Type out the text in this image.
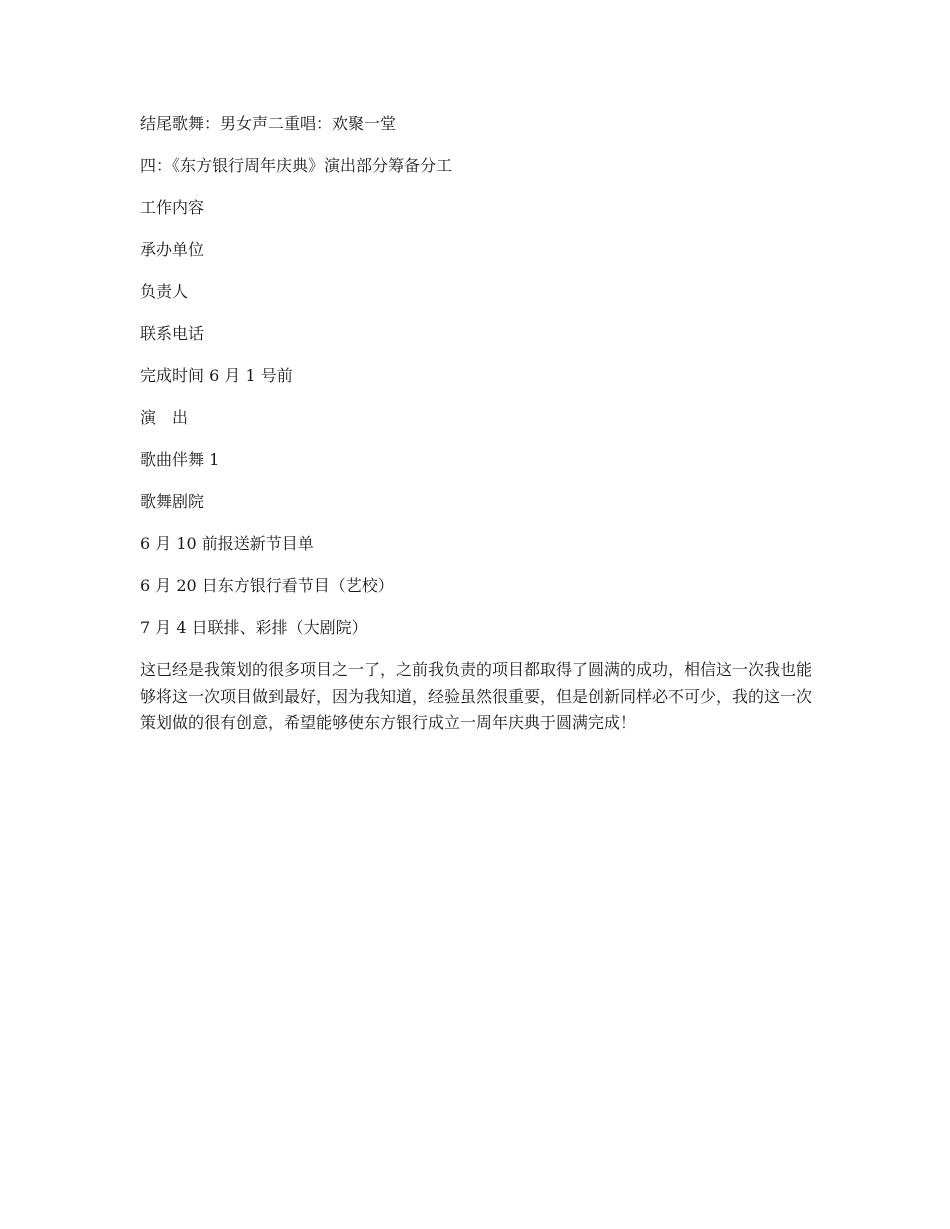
结尾歌舞：男女声二重唱：欢聚一堂
四：《东方银行周年庆典》演出部分筹备分工
工作内容
承办单位
负责人
联系电话
完成时间 6 月 1 号前
演　出
歌曲伴舞 1
歌舞剧院
6 月 10 前报送新节目单
6 月 20 日东方银行看节目（艺校）
7 月 4 日联排、彩排（大剧院）
这已经是我策划的很多项目之一了，之前我负责的项目都取得了圆满的成功，相信这一次我也能够将这一次项目做到最好，因为我知道，经验虽然很重要，但是创新同样必不可少，我的这一次策划做的很有创意，希望能够使东方银行成立一周年庆典于圆满完成！
